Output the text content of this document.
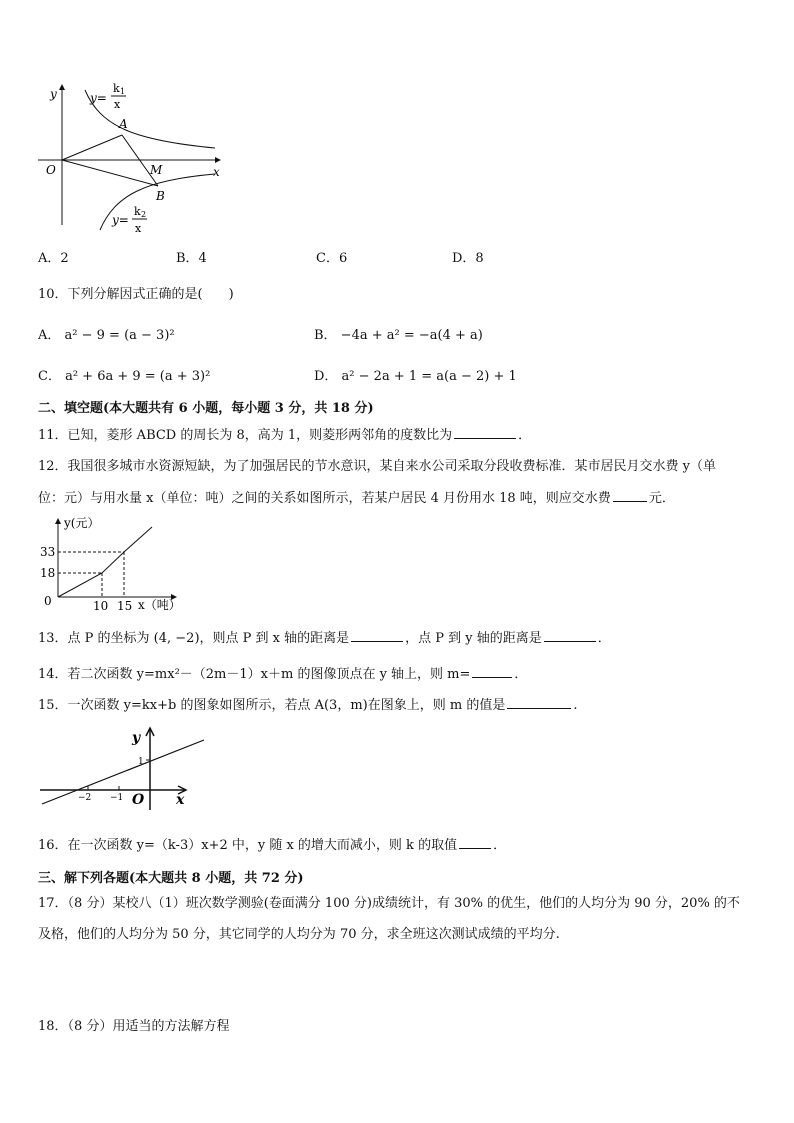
y
x
O
A
B
M
y=
k 1
x
y=
k 2
x
A．2	B．4	C．6	D．8
10．下列分解因式正确的是(　　)
A． a² − 9 = (a − 3)²	B． −4a + a² = −a(4 + a)
C． a² + 6a + 9 = (a + 3)²	D． a² − 2a + 1 = a(a − 2) + 1
二、填空题(本大题共有 6 小题，每小题 3 分，共 18 分)
11．已知，菱形 ABCD 的周长为 8，高为 1，则菱形两邻角的度数比为	．
12．我国很多城市水资源短缺，为了加强居民的节水意识，某自来水公司采取分段收费标准．某市居民月交水费 y（单
位：元）与用水量 x（单位：吨）之间的关系如图所示，若某户居民 4 月份用水 18 吨，则应交水费	元．
y(元）
x（吨）
0
18
33
10 15
13．点 P 的坐标为 (4, −2)，则点 P 到 x 轴的距离是	，点 P 到 y 轴的距离是	．
14．若二次函数 y=mx²－（2m－1）x＋m 的图像顶点在 y 轴上，则 m=	．
15．一次函数 y=kx+b 的图象如图所示，若点 A(3，m)在图象上，则 m 的值是	.
y
x
O
−2 −1
1
16．在一次函数 y=（k-3）x+2 中，y 随 x 的增大而减小，则 k 的取值	．
三、解下列各题(本大题共 8 小题，共 72 分)
17．（8 分）某校八（1）班次数学测验(卷面满分 100 分)成绩统计，有 30% 的优生，他们的人均分为 90 分，20% 的不
及格，他们的人均分为 50 分，其它同学的人均分为 70 分，求全班这次测试成绩的平均分.
18．（8 分）用适当的方法解方程
